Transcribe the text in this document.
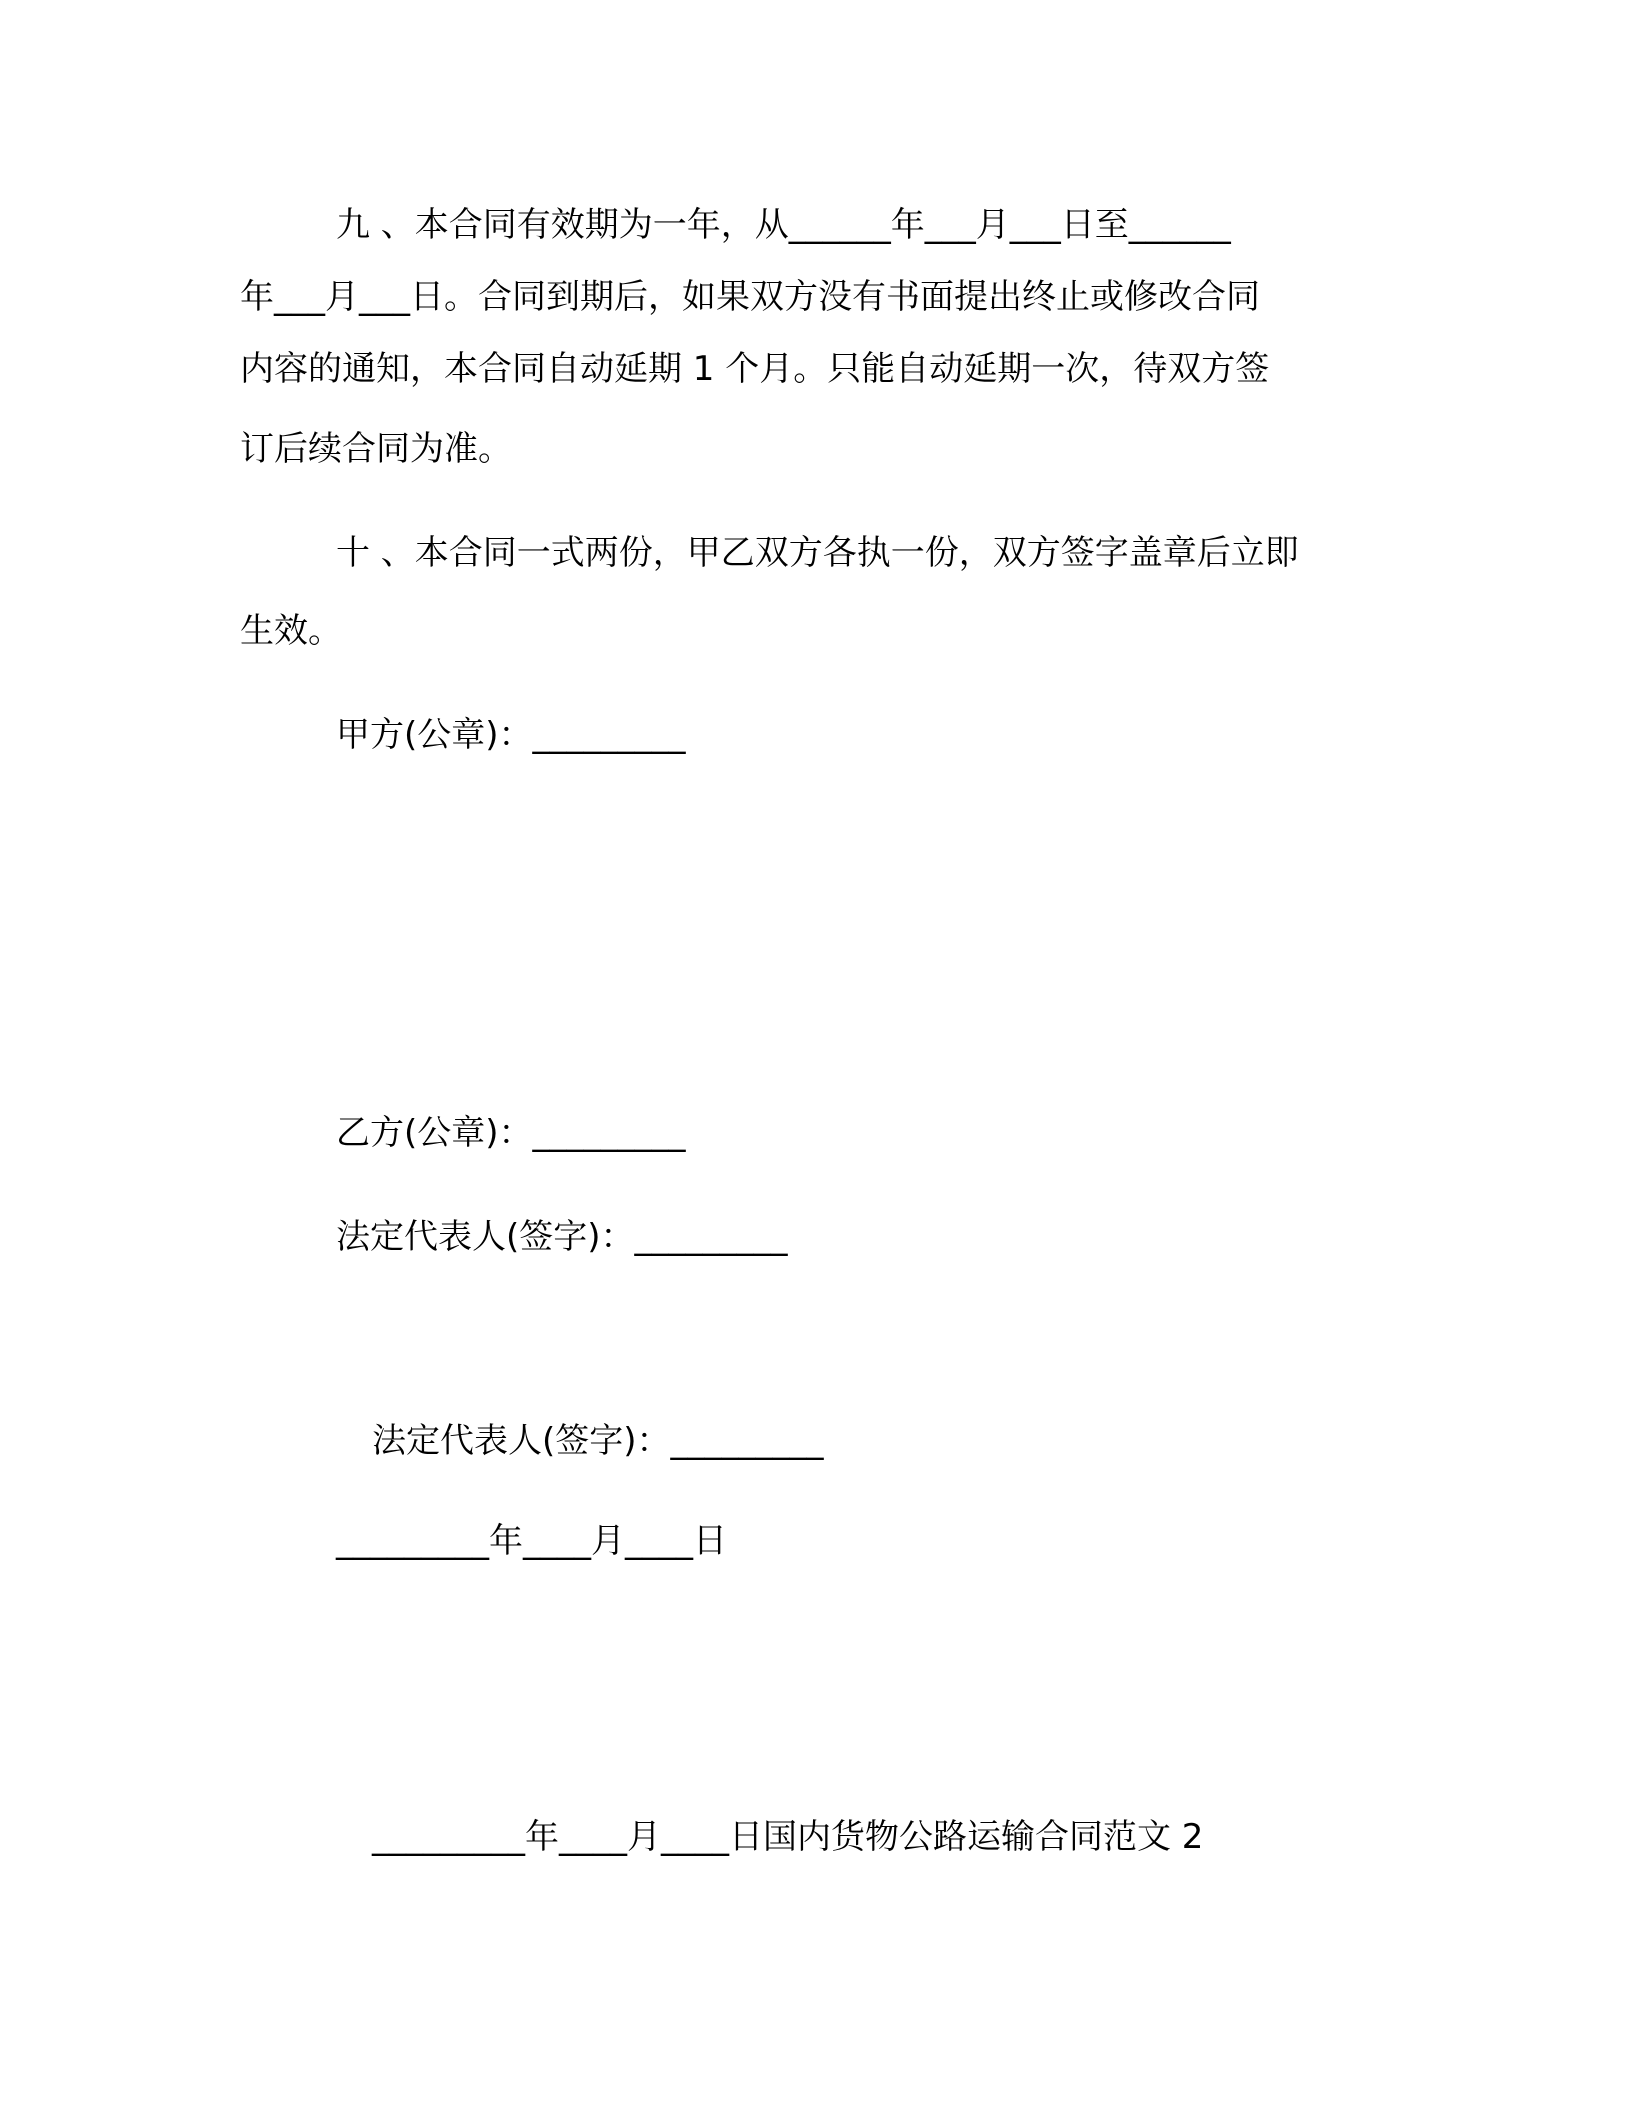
九 、本合同有效期为一年，从______年___月___日至______
年___月___日。合同到期后，如果双方没有书面提出终止或修改合同
内容的通知，本合同自动延期 1 个月。只能自动延期一次，待双方签
订后续合同为准。
十 、本合同一式两份，甲乙双方各执一份，双方签字盖章后立即
生效。
甲方(公章)：_________
乙方(公章)：_________
法定代表人(签字)：_________
法定代表人(签字)：_________
_________年____月____日
_________年____月____日国内货物公路运输合同范文 2
